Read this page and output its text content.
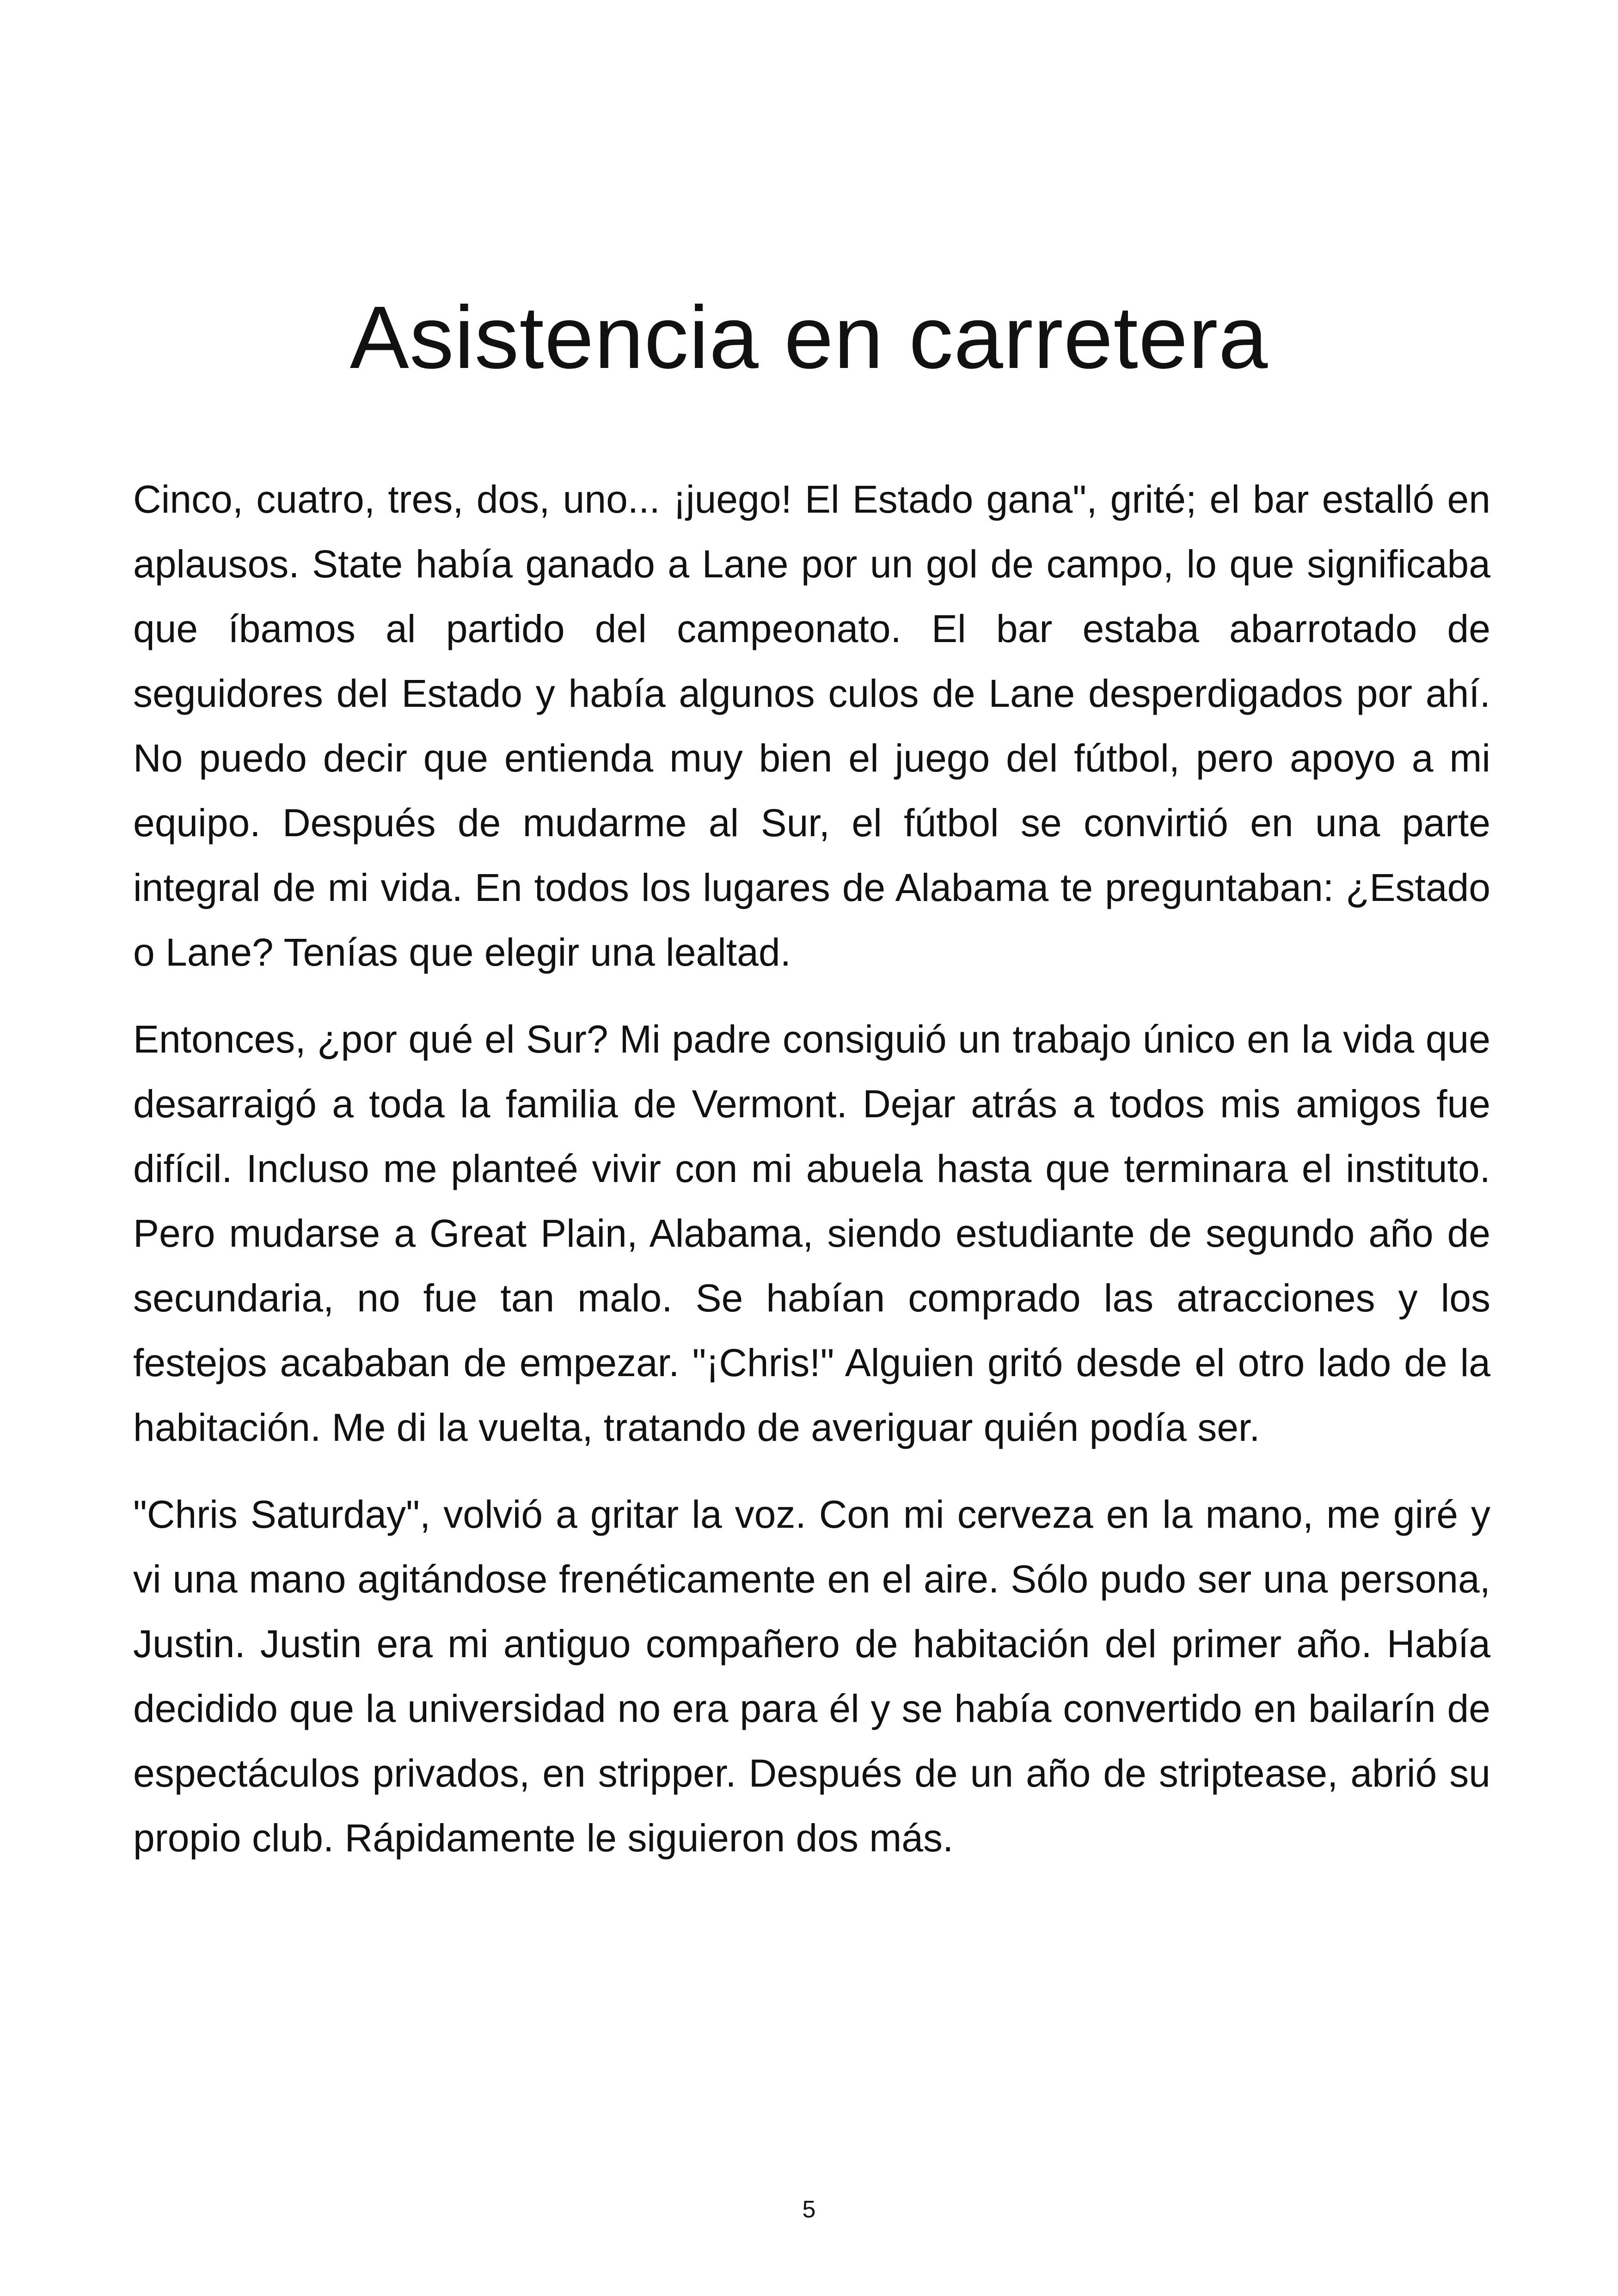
Asistencia en carretera

Cinco, cuatro, tres, dos, uno... ¡juego! El Estado gana", grité; el bar estalló en aplausos. State había ganado a Lane por un gol de campo, lo que significaba que íbamos al partido del campeonato. El bar estaba abarrotado de seguidores del Estado y había algunos culos de Lane desperdigados por ahí. No puedo decir que entienda muy bien el juego del fútbol, pero apoyo a mi equipo. Después de mudarme al Sur, el fútbol se convirtió en una parte integral de mi vida. En todos los lugares de Alabama te preguntaban: ¿Estado o Lane? Tenías que elegir una lealtad.

Entonces, ¿por qué el Sur? Mi padre consiguió un trabajo único en la vida que desarraigó a toda la familia de Vermont. Dejar atrás a todos mis amigos fue difícil. Incluso me planteé vivir con mi abuela hasta que terminara el instituto. Pero mudarse a Great Plain, Alabama, siendo estudiante de segundo año de secundaria, no fue tan malo. Se habían comprado las atracciones y los festejos acababan de empezar. "¡Chris!" Alguien gritó desde el otro lado de la habitación. Me di la vuelta, tratando de averiguar quién podía ser.

"Chris Saturday", volvió a gritar la voz. Con mi cerveza en la mano, me giré y vi una mano agitándose frenéticamente en el aire. Sólo pudo ser una persona, Justin. Justin era mi antiguo compañero de habitación del primer año. Había decidido que la universidad no era para él y se había convertido en bailarín de espectáculos privados, en stripper. Después de un año de striptease, abrió su propio club. Rápidamente le siguieron dos más.

5
